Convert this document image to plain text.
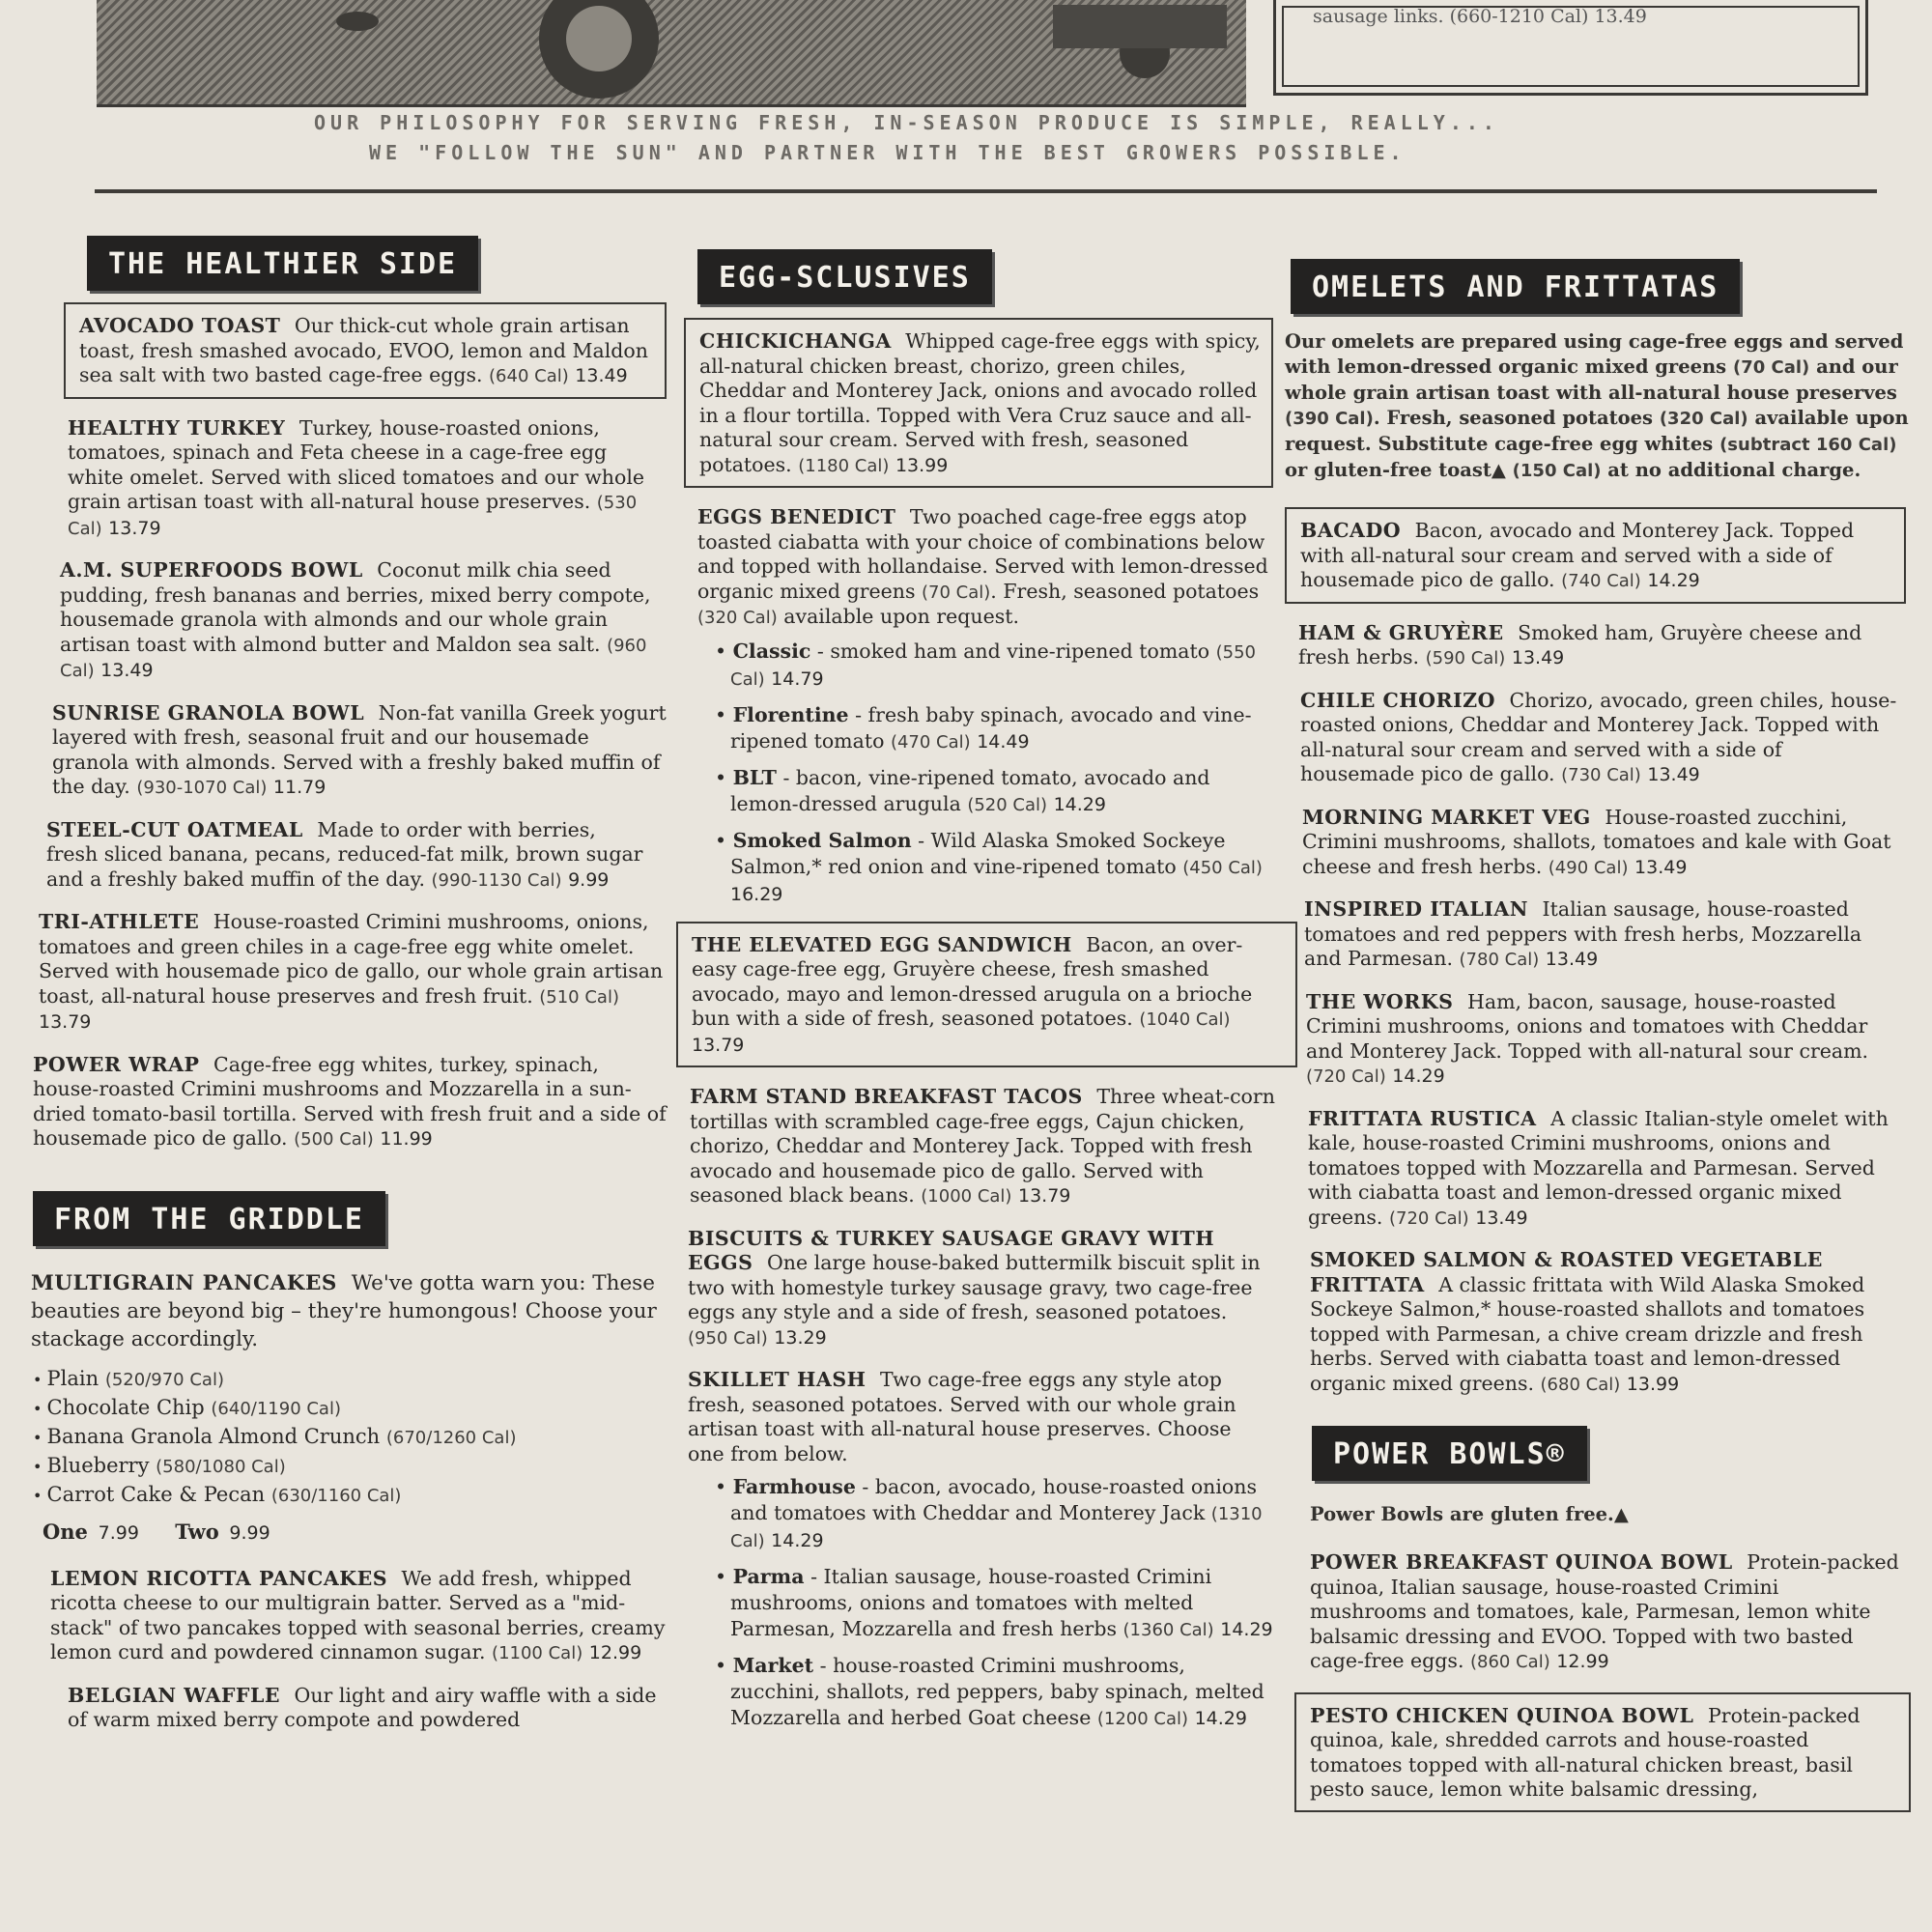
sausage links. (660-1210 Cal) 13.49
OUR PHILOSOPHY FOR SERVING FRESH, IN-SEASON PRODUCE IS SIMPLE, REALLY...
WE "FOLLOW THE SUN" AND PARTNER WITH THE BEST GROWERS POSSIBLE.
THE HEALTHIER SIDE
AVOCADO TOAST Our thick-cut whole grain artisan toast, fresh smashed avocado, EVOO, lemon and Maldon sea salt with two basted cage-free eggs. (640 Cal) 13.49
HEALTHY TURKEY Turkey, house-roasted onions, tomatoes, spinach and Feta cheese in a cage-free egg white omelet. Served with sliced tomatoes and our whole grain artisan toast with all-natural house preserves. (530 Cal) 13.79
A.M. SUPERFOODS BOWL Coconut milk chia seed pudding, fresh bananas and berries, mixed berry compote, housemade granola with almonds and our whole grain artisan toast with almond butter and Maldon sea salt. (960 Cal) 13.49
SUNRISE GRANOLA BOWL Non-fat vanilla Greek yogurt layered with fresh, seasonal fruit and our housemade granola with almonds. Served with a freshly baked muffin of the day. (930-1070 Cal) 11.79
STEEL-CUT OATMEAL Made to order with berries, fresh sliced banana, pecans, reduced-fat milk, brown sugar and a freshly baked muffin of the day. (990-1130 Cal) 9.99
TRI-ATHLETE House-roasted Crimini mushrooms, onions, tomatoes and green chiles in a cage-free egg white omelet. Served with housemade pico de gallo, our whole grain artisan toast, all-natural house preserves and fresh fruit. (510 Cal) 13.79
POWER WRAP Cage-free egg whites, turkey, spinach, house-roasted Crimini mushrooms and Mozzarella in a sun-dried tomato-basil tortilla. Served with fresh fruit and a side of housemade pico de gallo. (500 Cal) 11.99
FROM THE GRIDDLE
MULTIGRAIN PANCAKES We've gotta warn you: These beauties are beyond big – they're humongous! Choose your stackage accordingly.
• Plain (520/970 Cal)
• Chocolate Chip (640/1190 Cal)
• Banana Granola Almond Crunch (670/1260 Cal)
• Blueberry (580/1080 Cal)
• Carrot Cake & Pecan (630/1160 Cal)
One 7.99 Two 9.99
LEMON RICOTTA PANCAKES We add fresh, whipped ricotta cheese to our multigrain batter. Served as a "mid-stack" of two pancakes topped with seasonal berries, creamy lemon curd and powdered cinnamon sugar. (1100 Cal) 12.99
BELGIAN WAFFLE Our light and airy waffle with a side of warm mixed berry compote and powdered
EGG-SCLUSIVES
CHICKICHANGA Whipped cage-free eggs with spicy, all-natural chicken breast, chorizo, green chiles, Cheddar and Monterey Jack, onions and avocado rolled in a flour tortilla. Topped with Vera Cruz sauce and all-natural sour cream. Served with fresh, seasoned potatoes. (1180 Cal) 13.99
EGGS BENEDICT Two poached cage-free eggs atop toasted ciabatta with your choice of combinations below and topped with hollandaise. Served with lemon-dressed organic mixed greens (70 Cal). Fresh, seasoned potatoes (320 Cal) available upon request.
• Classic - smoked ham and vine-ripened tomato (550 Cal) 14.79
• Florentine - fresh baby spinach, avocado and vine-ripened tomato (470 Cal) 14.49
• BLT - bacon, vine-ripened tomato, avocado and lemon-dressed arugula (520 Cal) 14.29
• Smoked Salmon - Wild Alaska Smoked Sockeye Salmon,* red onion and vine-ripened tomato (450 Cal) 16.29
THE ELEVATED EGG SANDWICH Bacon, an over-easy cage-free egg, Gruyère cheese, fresh smashed avocado, mayo and lemon-dressed arugula on a brioche bun with a side of fresh, seasoned potatoes. (1040 Cal) 13.79
FARM STAND BREAKFAST TACOS Three wheat-corn tortillas with scrambled cage-free eggs, Cajun chicken, chorizo, Cheddar and Monterey Jack. Topped with fresh avocado and housemade pico de gallo. Served with seasoned black beans. (1000 Cal) 13.79
BISCUITS & TURKEY SAUSAGE GRAVY WITH EGGS One large house-baked buttermilk biscuit split in two with homestyle turkey sausage gravy, two cage-free eggs any style and a side of fresh, seasoned potatoes. (950 Cal) 13.29
SKILLET HASH Two cage-free eggs any style atop fresh, seasoned potatoes. Served with our whole grain artisan toast with all-natural house preserves. Choose one from below.
• Farmhouse - bacon, avocado, house-roasted onions and tomatoes with Cheddar and Monterey Jack (1310 Cal) 14.29
• Parma - Italian sausage, house-roasted Crimini mushrooms, onions and tomatoes with melted Parmesan, Mozzarella and fresh herbs (1360 Cal) 14.29
• Market - house-roasted Crimini mushrooms, zucchini, shallots, red peppers, baby spinach, melted Mozzarella and herbed Goat cheese (1200 Cal) 14.29
OMELETS AND FRITTATAS
Our omelets are prepared using cage-free eggs and served with lemon-dressed organic mixed greens (70 Cal) and our whole grain artisan toast with all-natural house preserves (390 Cal). Fresh, seasoned potatoes (320 Cal) available upon request. Substitute cage-free egg whites (subtract 160 Cal) or gluten-free toast▲ (150 Cal) at no additional charge.
BACADO Bacon, avocado and Monterey Jack. Topped with all-natural sour cream and served with a side of housemade pico de gallo. (740 Cal) 14.29
HAM & GRUYÈRE Smoked ham, Gruyère cheese and fresh herbs. (590 Cal) 13.49
CHILE CHORIZO Chorizo, avocado, green chiles, house-roasted onions, Cheddar and Monterey Jack. Topped with all-natural sour cream and served with a side of housemade pico de gallo. (730 Cal) 13.49
MORNING MARKET VEG House-roasted zucchini, Crimini mushrooms, shallots, tomatoes and kale with Goat cheese and fresh herbs. (490 Cal) 13.49
INSPIRED ITALIAN Italian sausage, house-roasted tomatoes and red peppers with fresh herbs, Mozzarella and Parmesan. (780 Cal) 13.49
THE WORKS Ham, bacon, sausage, house-roasted Crimini mushrooms, onions and tomatoes with Cheddar and Monterey Jack. Topped with all-natural sour cream. (720 Cal) 14.29
FRITTATA RUSTICA A classic Italian-style omelet with kale, house-roasted Crimini mushrooms, onions and tomatoes topped with Mozzarella and Parmesan. Served with ciabatta toast and lemon-dressed organic mixed greens. (720 Cal) 13.49
SMOKED SALMON & ROASTED VEGETABLE FRITTATA A classic frittata with Wild Alaska Smoked Sockeye Salmon,* house-roasted shallots and tomatoes topped with Parmesan, a chive cream drizzle and fresh herbs. Served with ciabatta toast and lemon-dressed organic mixed greens. (680 Cal) 13.99
POWER BOWLS®
Power Bowls are gluten free.▲
POWER BREAKFAST QUINOA BOWL Protein-packed quinoa, Italian sausage, house-roasted Crimini mushrooms and tomatoes, kale, Parmesan, lemon white balsamic dressing and EVOO. Topped with two basted cage-free eggs. (860 Cal) 12.99
PESTO CHICKEN QUINOA BOWL Protein-packed quinoa, kale, shredded carrots and house-roasted tomatoes topped with all-natural chicken breast, basil pesto sauce, lemon white balsamic dressing,
